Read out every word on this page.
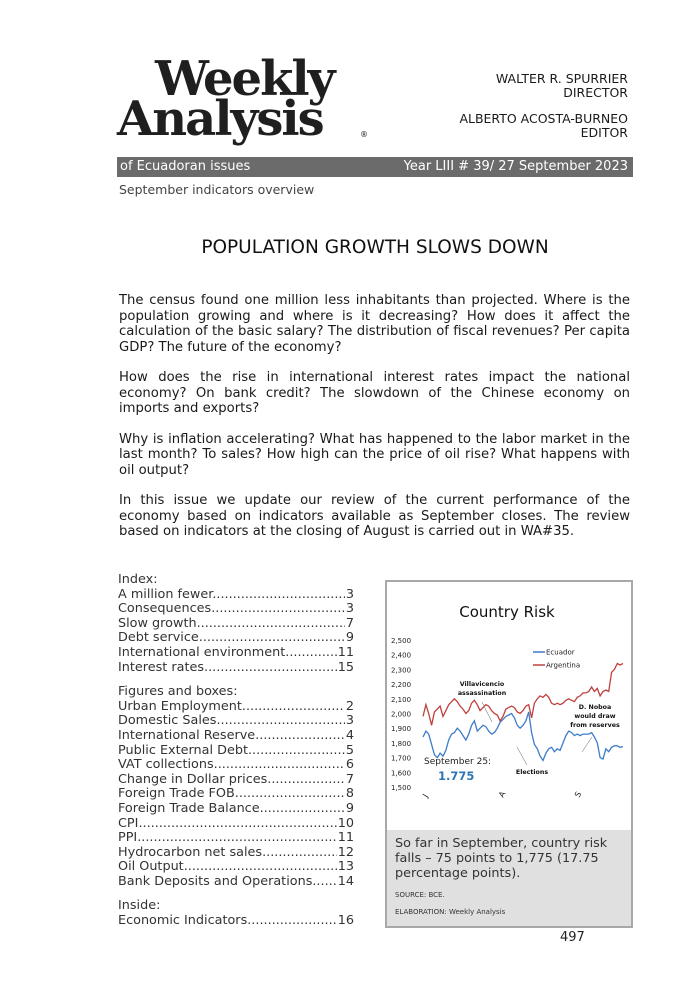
Weekly
Analysis	®
WALTER R. SPURRIER
DIRECTOR
ALBERTO ACOSTA-BURNEO
EDITOR
of Ecuadoran issues	Year LIII # 39/ 27 September 2023
September indicators overview
POPULATION GROWTH SLOWS DOWN

The census found one million less inhabitants than projected. Where is the population growing and where is it decreasing? How does it affect the calculation of the basic salary? The distribution of fiscal revenues? Per capita GDP? The future of the economy?

How does the rise in international interest rates impact the national economy? On bank credit? The slowdown of the Chinese economy on imports and exports?

Why is inflation accelerating? What has happened to the labor market in the last month? To sales? How high can the price of oil rise? What happens with oil output?

In this issue we update our review of the current performance of the economy based on indicators available as September closes. The review based on indicators at the closing of August is carried out in WA#35.

Index:
A million fewer. .....	3
Consequences. .....	3
Slow growth. .....	7
Debt service. .....	9
International environment. .....	11
Interest rates. .....	15
Figures and boxes:
Urban Employment .....	2
Domestic Sales .....	3
International Reserve .....	4
Public External Debt .....	5
VAT collections .....	6
Change in Dollar prices .....	7
Foreign Trade FOB .....	8
Foreign Trade Balance .....	9
CPI .....	10
PPI .....	11
Hydrocarbon net sales .....	12
Oil Output .....	13
Bank Deposits and Operations ..... 14
Inside:
Economic Indicators .....	16
Country Risk
2,500
2,400
2,300
2,200
2,100
2,000
1,900
1,800
1,700
1,600
1,500
J	A	S
Ecuador
Argentina
Villavicencio
assassination
D. Noboa
would draw
from reserves
Elections
September 25:
1.775
So far in September, country risk falls – 75 points to 1,775 (17.75 percentage points).
SOURCE: BCE.
ELABORATION: Weekly Analysis
497
